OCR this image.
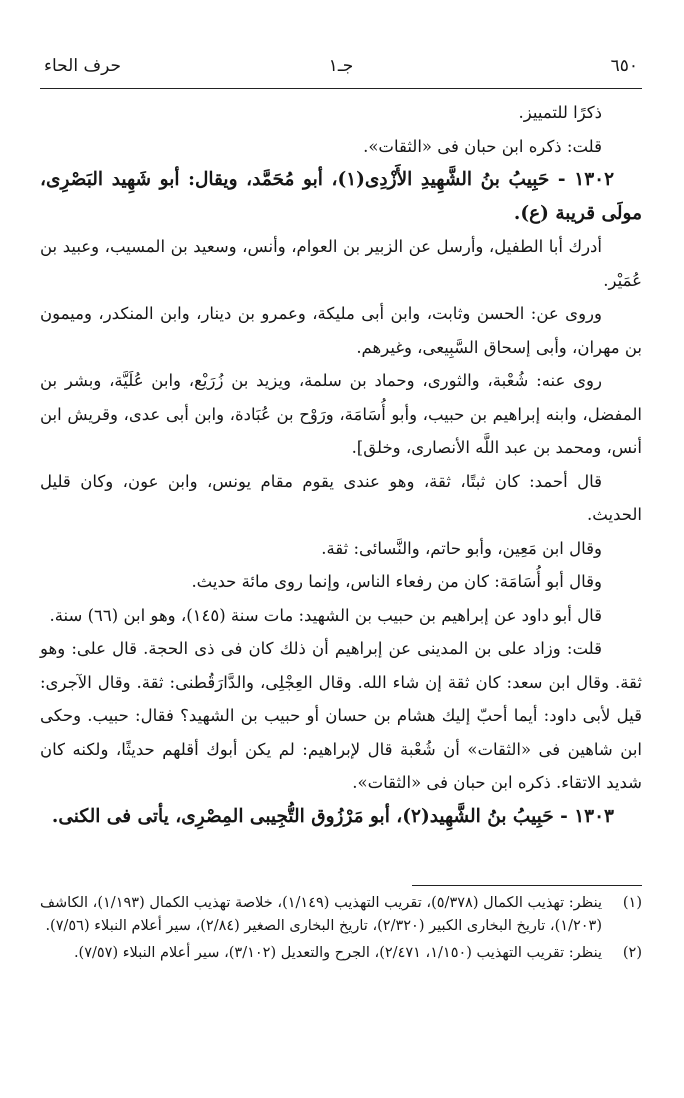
٦٥٠
جـ١
حرف الحاء

ذكرًا للتمييز.

قلت: ذكره ابن حبان فى «الثقات».

١٣٠٢ - حَبِيبُ بنُ الشَّهِيدِ الأَزْدِى(١)، أبو مُحَمَّد، ويقال: أبو شَهِيد البَصْرِى، مولَى قريبة (ع).

أدرك أبا الطفيل، وأرسل عن الزبير بن العوام، وأنس، وسعيد بن المسيب، وعبيد بن عُمَيْر.

وروى عن: الحسن وثابت، وابن أبى مليكة، وعمرو بن دينار، وابن المنكدر، وميمون بن مهران، وأبى إسحاق السَّبِيعى، وغيرهم.

روى عنه: شُعْبة، والثورى، وحماد بن سلمة، ويزيد بن زُرَيْع، وابن عُلَيَّة، وبشر بن المفضل، وابنه إبراهيم بن حبيب، وأبو أُسَامَة، ورَوْح بن عُبَادة، وابن أبى عدى، وقريش ابن أنس، ومحمد بن عبد اللَّه الأنصارى، وخلق].

قال أحمد: كان ثبتًا، ثقة، وهو عندى يقوم مقام يونس، وابن عون، وكان قليل الحديث.

وقال ابن مَعِين، وأبو حاتم، والنَّسائى: ثقة.

وقال أبو أُسَامَة: كان من رفعاء الناس، وإنما روى مائة حديث.

قال أبو داود عن إبراهيم بن حبيب بن الشهيد: مات سنة (١٤٥)، وهو ابن (٦٦) سنة.

قلت: وزاد على بن المدينى عن إبراهيم أن ذلك كان فى ذى الحجة. قال على: وهو ثقة. وقال ابن سعد: كان ثقة إن شاء الله. وقال العِجْلِى، والدَّارَقُطنى: ثقة. وقال الآجرى: قيل لأبى داود: أيما أحبّ إليك هشام بن حسان أو حبيب بن الشهيد؟ فقال: حبيب. وحكى ابن شاهين فى «الثقات» أن شُعْبة قال لإبراهيم: لم يكن أبوك أقلهم حديثًا، ولكنه كان شديد الاتقاء. ذكره ابن حبان فى «الثقات».

١٣٠٣ - حَبِيبُ بنُ الشَّهِيد(٢)، أبو مَرْزُوق التُّجِيبى المِصْرِى، يأتى فى الكنى.

(١)
ينظر: تهذيب الكمال (٥/٣٧٨)، تقريب التهذيب (١/١٤٩)، خلاصة تهذيب الكمال (١/١٩٣)، الكاشف (١/٢٠٣)، تاريخ البخارى الكبير (٢/٣٢٠)، تاريخ البخارى الصغير (٢/٨٤)، سير أعلام النبلاء (٧/٥٦).
(٢)
ينظر: تقريب التهذيب (١/١٥٠، ٢/٤٧١)، الجرح والتعديل (٣/١٠٢)، سير أعلام النبلاء (٧/٥٧).
